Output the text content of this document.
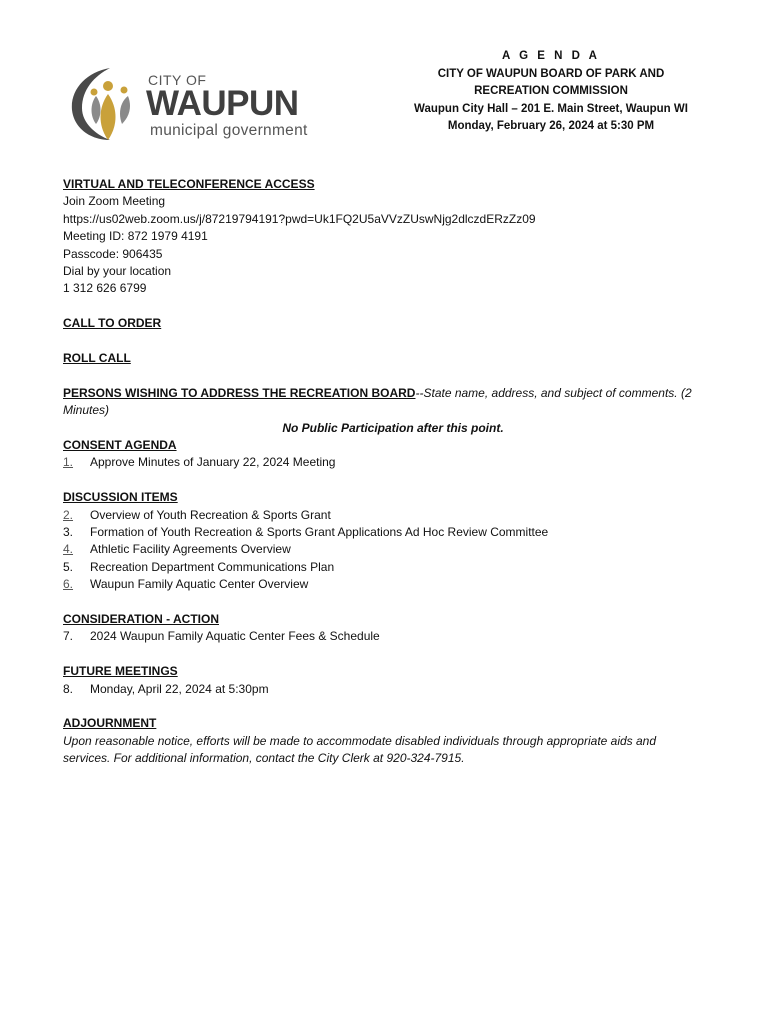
CITY OF
WAUPUN
municipal government
A G E N D A
CITY OF WAUPUN BOARD OF PARK AND
RECREATION COMMISSION
Waupun City Hall – 201 E. Main Street, Waupun WI
Monday, February 26, 2024 at 5:30 PM
VIRTUAL AND TELECONFERENCE ACCESS
Join Zoom Meeting
https://us02web.zoom.us/j/87219794191?pwd=Uk1FQ2U5aVVzZUswNjg2dlczdERzZz09
Meeting ID: 872 1979 4191
Passcode: 906435
Dial by your location
1 312 626 6799
CALL TO ORDER
ROLL CALL
PERSONS WISHING TO ADDRESS THE RECREATION BOARD--State name, address, and subject of comments. (2
Minutes)
No Public Participation after this point.
CONSENT AGENDA
1.	Approve Minutes of January 22, 2024 Meeting
DISCUSSION ITEMS
2.	Overview of Youth Recreation & Sports Grant
3.	Formation of Youth Recreation & Sports Grant Applications Ad Hoc Review Committee
4.	Athletic Facility Agreements Overview
5.	Recreation Department Communications Plan
6.	Waupun Family Aquatic Center Overview
CONSIDERATION - ACTION
7.	2024 Waupun Family Aquatic Center Fees & Schedule
FUTURE MEETINGS
8.	Monday, April 22, 2024 at 5:30pm
ADJOURNMENT
Upon reasonable notice, efforts will be made to accommodate disabled individuals through appropriate aids and
services. For additional information, contact the City Clerk at 920-324-7915.
